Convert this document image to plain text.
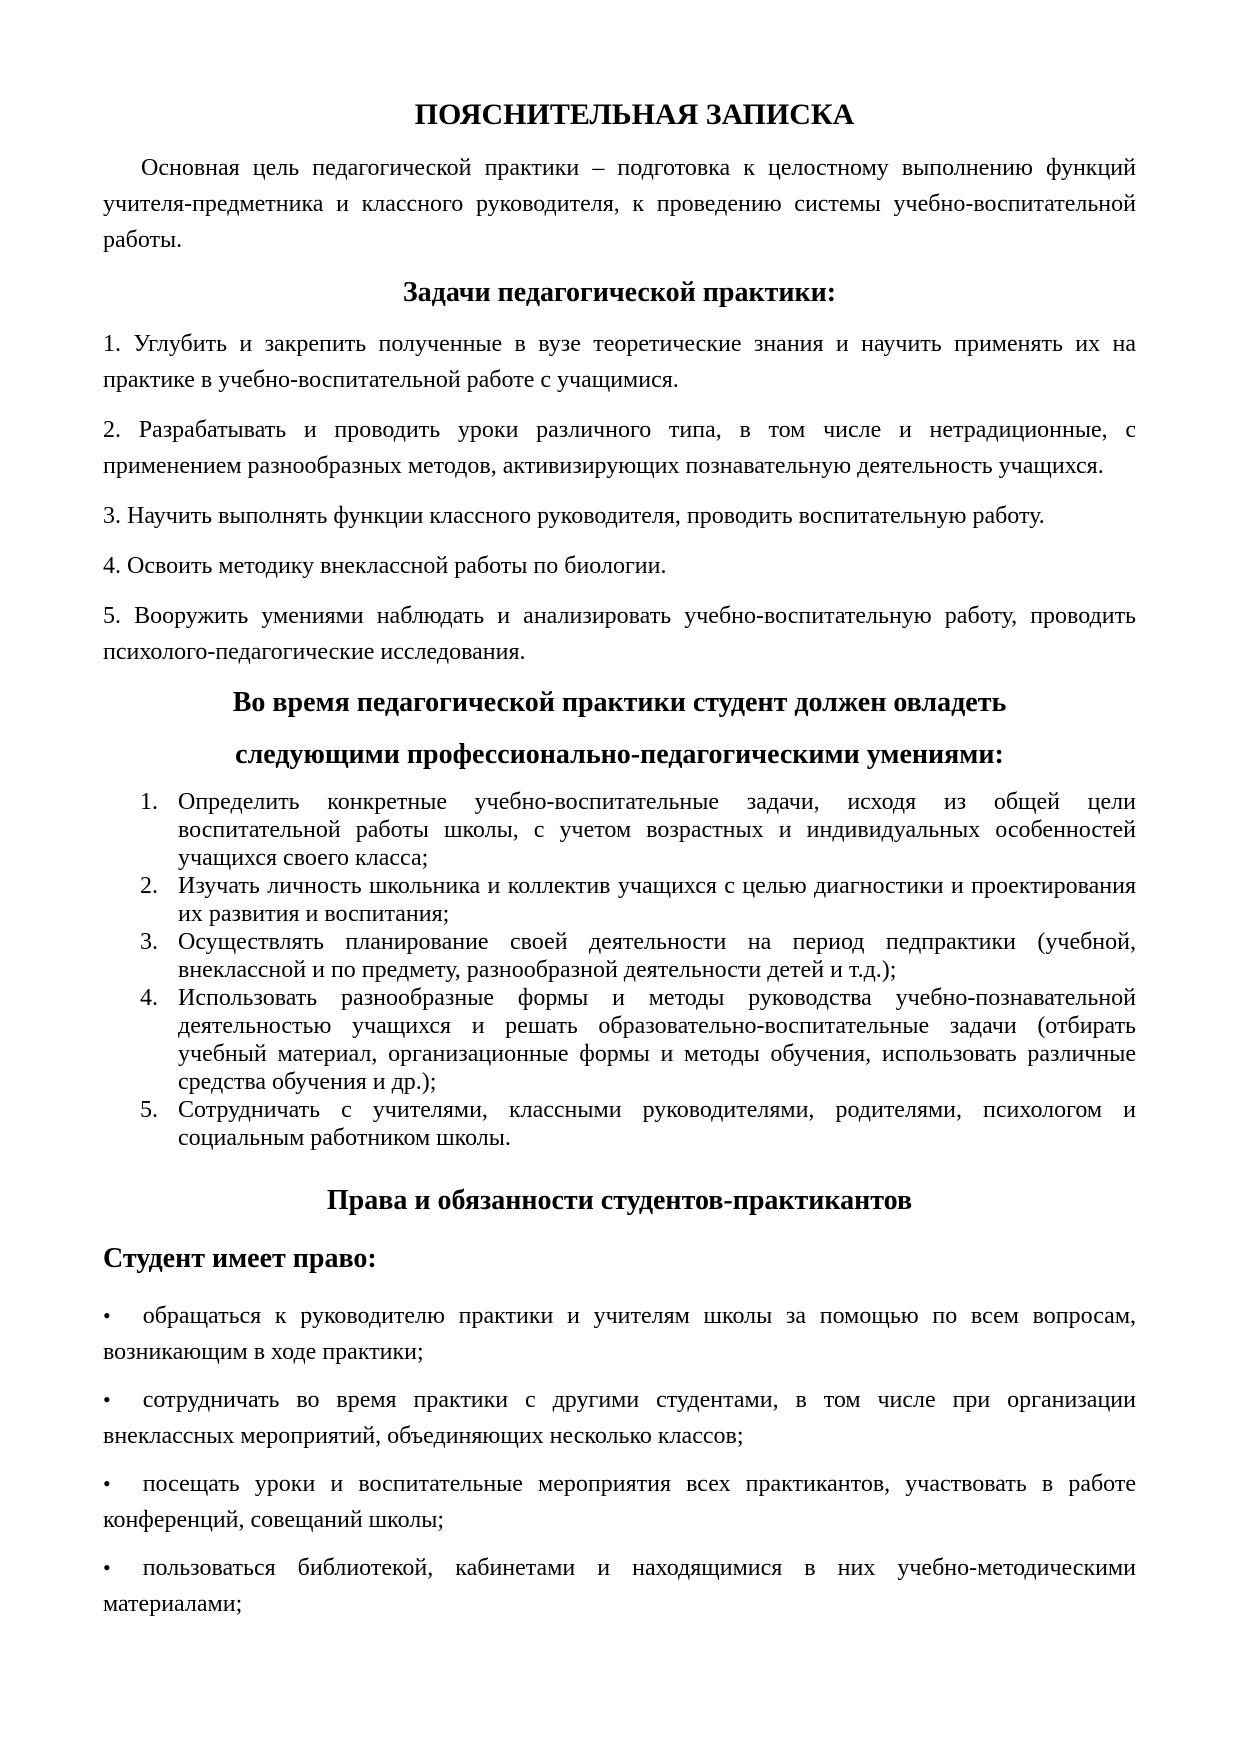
ПОЯСНИТЕЛЬНАЯ ЗАПИСКА

Основная цель педагогической практики – подготовка к целостному выполнению функций учителя-предметника и классного руководителя, к проведению системы учебно-воспитательной работы.

Задачи педагогической практики:

1. Углубить и закрепить полученные в вузе теоретические знания и научить применять их на практике в учебно-воспитательной работе с учащимися.

2. Разрабатывать и проводить уроки различного типа, в том числе и нетрадиционные, с применением разнообразных методов, активизирующих познавательную деятельность учащихся.

3. Научить выполнять функции классного руководителя, проводить воспитательную работу.

4. Освоить методику внеклассной работы по биологии.

5. Вооружить умениями наблюдать и анализировать учебно-воспитательную работу, проводить психолого-педагогические исследования.

Во время педагогической практики студент должен овладеть
следующими профессионально-педагогическими умениями:
1. Определить конкретные учебно-воспитательные задачи, исходя из общей цели воспитательной работы школы, с учетом возрастных и индивидуальных особенностей учащихся своего класса;
2. Изучать личность школьника и коллектив учащихся с целью диагностики и проектирования их развития и воспитания;
3. Осуществлять планирование своей деятельности на период педпрактики (учебной, внеклассной и по предмету, разнообразной деятельности детей и т.д.);
4. Использовать разнообразные формы и методы руководства учебно-познавательной деятельностью учащихся и решать образовательно-воспитательные задачи (отбирать учебный материал, организационные формы и методы обучения, использовать различные средства обучения и др.);
5. Сотрудничать с учителями, классными руководителями, родителями, психологом и социальным работником школы.
Права и обязанности студентов-практикантов
Студент имеет право:

• обращаться к руководителю практики и учителям школы за помощью по всем вопросам, возникающим в ходе практики;

• сотрудничать во время практики с другими студентами, в том числе при организации внеклассных мероприятий, объединяющих несколько классов;

• посещать уроки и воспитательные мероприятия всех практикантов, участвовать в работе конференций, совещаний школы;

• пользоваться библиотекой, кабинетами и находящимися в них учебно-методическими материалами;
